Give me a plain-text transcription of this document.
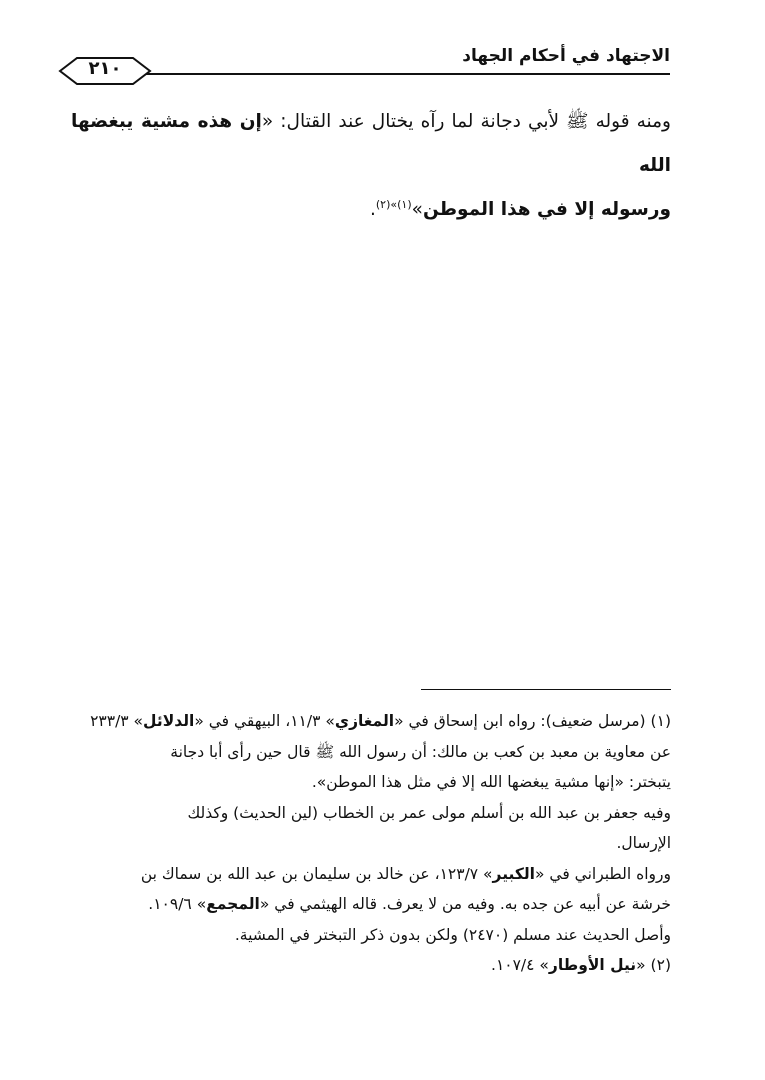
الاجتهاد في أحكام الجهاد
٢١٠
ومنه قوله ﷺ لأبي دجانة لما رآه يختال عند القتال: «إن هذه مشية يبغضها الله
ورسوله إلا في هذا الموطن»$^{(١)»(٢)}$.
(١) (مرسل ضعيف): رواه ابن إسحاق في «المغازي» ١١/٣، البيهقي في «الدلائل» ٢٣٣/٣
عن معاوية بن معبد بن كعب بن مالك: أن رسول الله ﷺ قال حين رأى أبا دجانة
يتبختر: «إنها مشية يبغضها الله إلا في مثل هذا الموطن».
وفيه جعفر بن عبد الله بن أسلم مولى عمر بن الخطاب (لين الحديث) وكذلك
الإرسال.
ورواه الطبراني في «الكبير» ١٢٣/٧، عن خالد بن سليمان بن عبد الله بن سماك بن
خرشة عن أبيه عن جده به. وفيه من لا يعرف. قاله الهيثمي في «المجمع» ١٠٩/٦.
وأصل الحديث عند مسلم (٢٤٧٠) ولكن بدون ذكر التبختر في المشية.
(٢) «نيل الأوطار» ١٠٧/٤.
